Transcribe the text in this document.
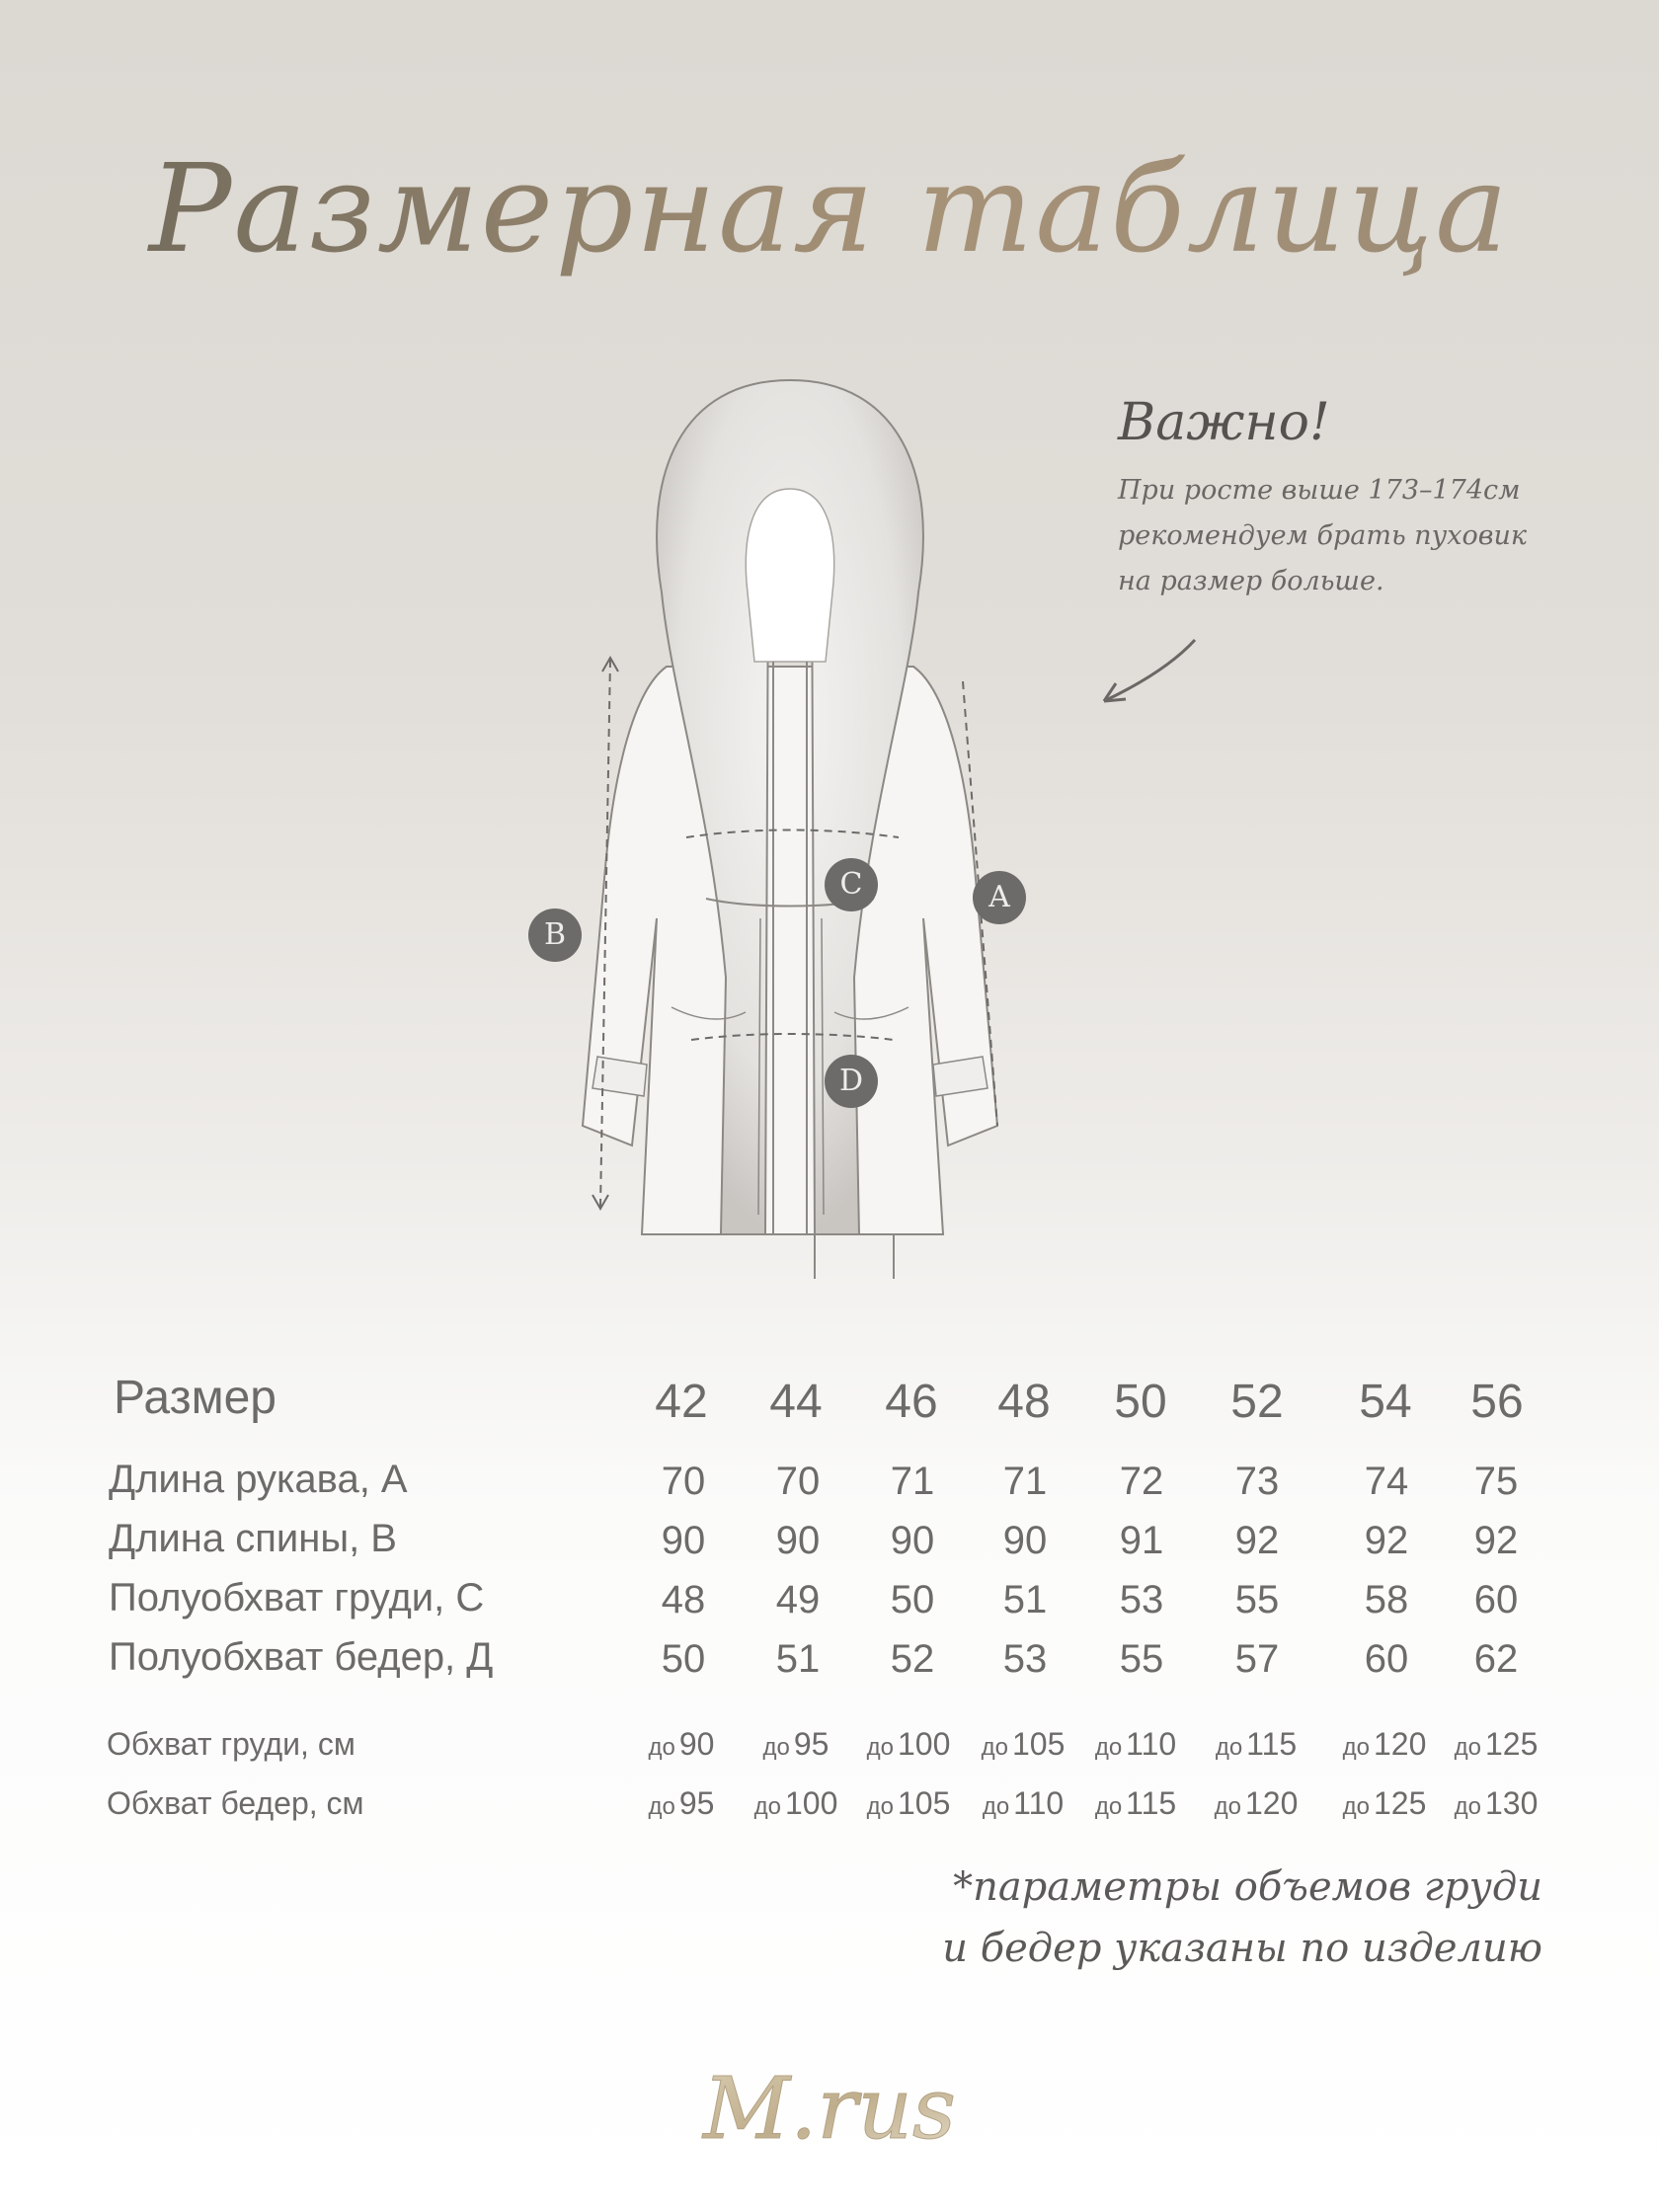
Размерная таблица
Важно!
При росте выше 173–174см
рекомендуем брать пуховик
на размер больше.
B
C	A
D
Размер	42	44	46	48	50	52	54	56
Длина рукава, А	70	70	71	71	72	73	74	75
Длина спины, В	90	90	90	90	91	92	92	92
Полуобхват груди, С	48	49	50	51	53	55	58	60
Полуобхват бедер, Д	50	51	52	53	55	57	60	62
Обхват груди, см	до 90	до 95	до 100	до 105	до 110	до 115	до 120	до 125
Обхват бедер, см	до 95	до 100	до 105	до 110	до 115	до 120	до 125	до 130
*параметры объемов груди
и бедер указаны по изделию
M.rus
